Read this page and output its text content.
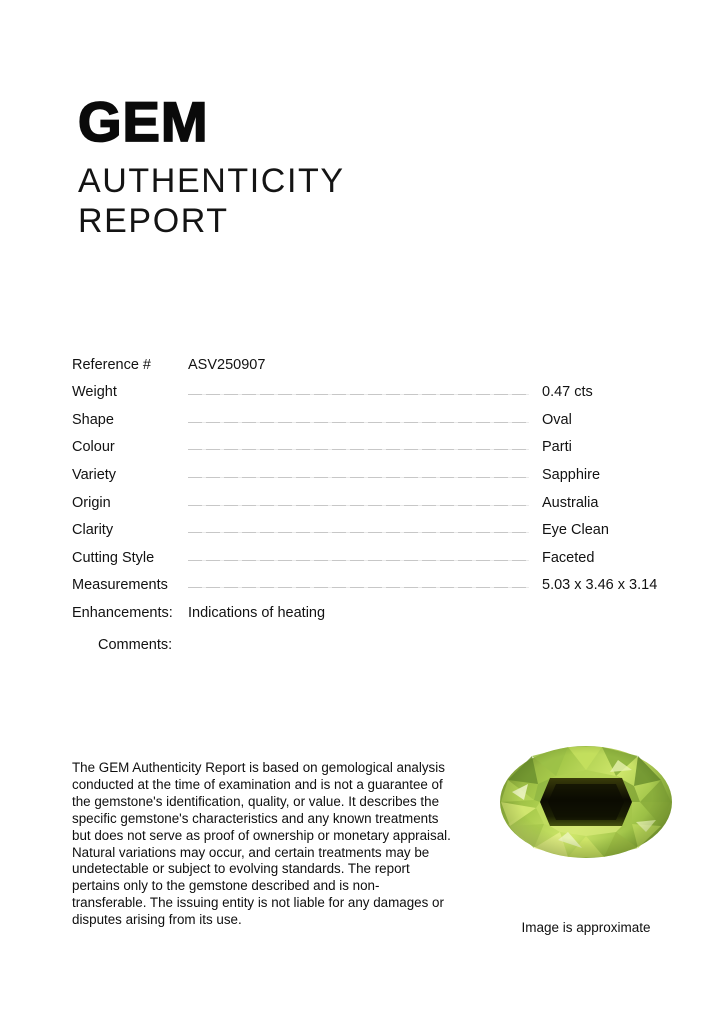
GEM
AUTHENTICITY
REPORT
Reference #	ASV250907
Weight	0.47 cts
Shape	Oval
Colour	Parti
Variety	Sapphire
Origin	Australia
Clarity	Eye Clean
Cutting Style	Faceted
Measurements	5.03 x 3.46 x 3.14
Enhancements:	Indications of heating
Comments:

The GEM Authenticity Report is based on gemological analysis conducted at the time of examination and is not a guarantee of the gemstone's identification, quality, or value. It describes the specific gemstone's characteristics and any known treatments but does not serve as proof of ownership or monetary appraisal. Natural variations may occur, and certain treatments may be undetectable or subject to evolving standards. The report pertains only to the gemstone described and is non-transferable. The issuing entity is not liable for any damages or disputes arising from its use.

Image is approximate
